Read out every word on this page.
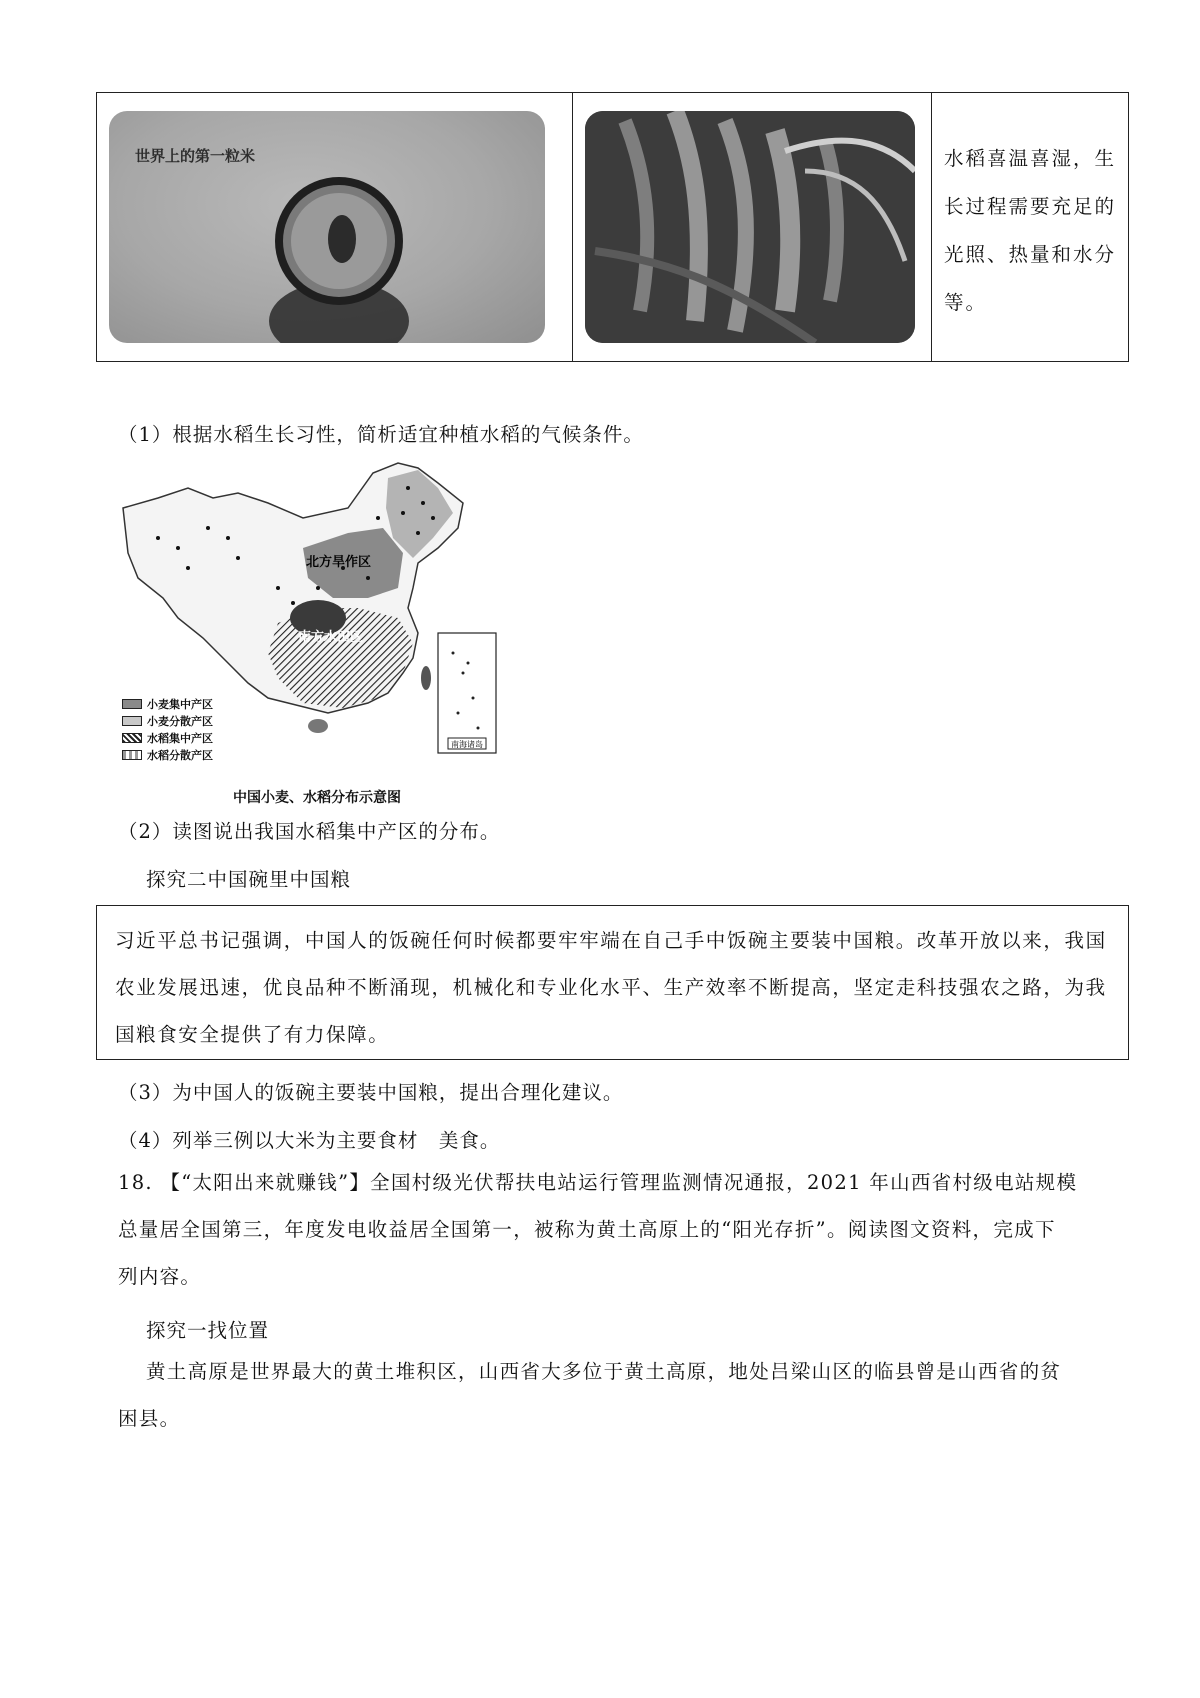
世界上的第一粒米	水稻喜温喜湿，生
长过程需要充足的
光照、热量和水分
等。
（1）根据水稻生长习性，简析适宜种植水稻的气候条件。
南海诸岛
北方旱作区
南方水田区
小麦集中产区
小麦分散产区
水稻集中产区
水稻分散产区
中国小麦、水稻分布示意图
（2）读图说出我国水稻集中产区的分布。
探究二中国碗里中国粮
习近平总书记强调，中国人的饭碗任何时候都要牢牢端在自己手中饭碗主要装中国粮。改革开放以来，我国
农业发展迅速，优良品种不断涌现，机械化和专业化水平、生产效率不断提高，坚定走科技强农之路，为我
国粮食安全提供了有力保障。
（3）为中国人的饭碗主要装中国粮，提出合理化建议。
（4）列举三例以大米为主要食材　美食。
18. 【“太阳出来就赚钱”】全国村级光伏帮扶电站运行管理监测情况通报，2021 年山西省村级电站规模
总量居全国第三，年度发电收益居全国第一，被称为黄土高原上的“阳光存折”。阅读图文资料，完成下
列内容。
探究一找位置
黄土高原是世界最大的黄土堆积区，山西省大多位于黄土高原，地处吕梁山区的临县曾是山西省的贫
困县。
